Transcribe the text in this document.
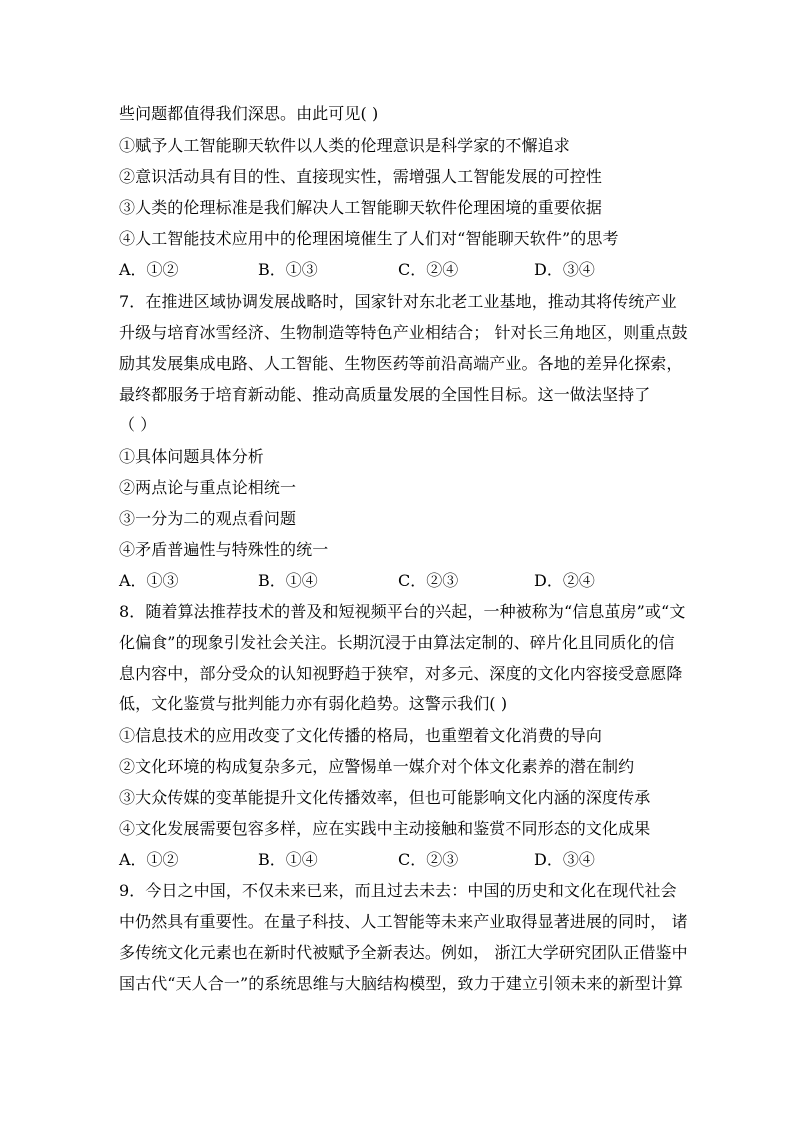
些问题都值得我们深思。由此可见( )
①赋予人工智能聊天软件以人类的伦理意识是科学家的不懈追求
②意识活动具有目的性、直接现实性，需增强人工智能发展的可控性
③人类的伦理标准是我们解决人工智能聊天软件伦理困境的重要依据
④人工智能技术应用中的伦理困境催生了人们对“智能聊天软件”的思考
A．①②	B．①③	C．②④	D．③④
7．在推进区域协调发展战略时，国家针对东北老工业基地，推动其将传统产业
升级与培育冰雪经济、生物制造等特色产业相结合； 针对长三角地区，则重点鼓
励其发展集成电路、人工智能、生物医药等前沿高端产业。各地的差异化探索，
最终都服务于培育新动能、推动高质量发展的全国性目标。这一做法坚持了
（ ）
①具体问题具体分析
②两点论与重点论相统一
③一分为二的观点看问题
④矛盾普遍性与特殊性的统一
A．①③	B．①④	C．②③	D．②④
8．随着算法推荐技术的普及和短视频平台的兴起，一种被称为“信息茧房”或“文
化偏食”的现象引发社会关注。长期沉浸于由算法定制的、碎片化且同质化的信
息内容中，部分受众的认知视野趋于狭窄，对多元、深度的文化内容接受意愿降
低，文化鉴赏与批判能力亦有弱化趋势。这警示我们( )
①信息技术的应用改变了文化传播的格局，也重塑着文化消费的导向
②文化环境的构成复杂多元，应警惕单一媒介对个体文化素养的潜在制约
③大众传媒的变革能提升文化传播效率，但也可能影响文化内涵的深度传承
④文化发展需要包容多样，应在实践中主动接触和鉴赏不同形态的文化成果
A．①②	B．①④	C．②③	D．③④
9．今日之中国，不仅未来已来，而且过去未去：中国的历史和文化在现代社会
中仍然具有重要性。在量子科技、人工智能等未来产业取得显著进展的同时， 诸
多传统文化元素也在新时代被赋予全新表达。例如， 浙江大学研究团队正借鉴中
国古代“天人合一”的系统思维与大脑结构模型，致力于建立引领未来的新型计算
